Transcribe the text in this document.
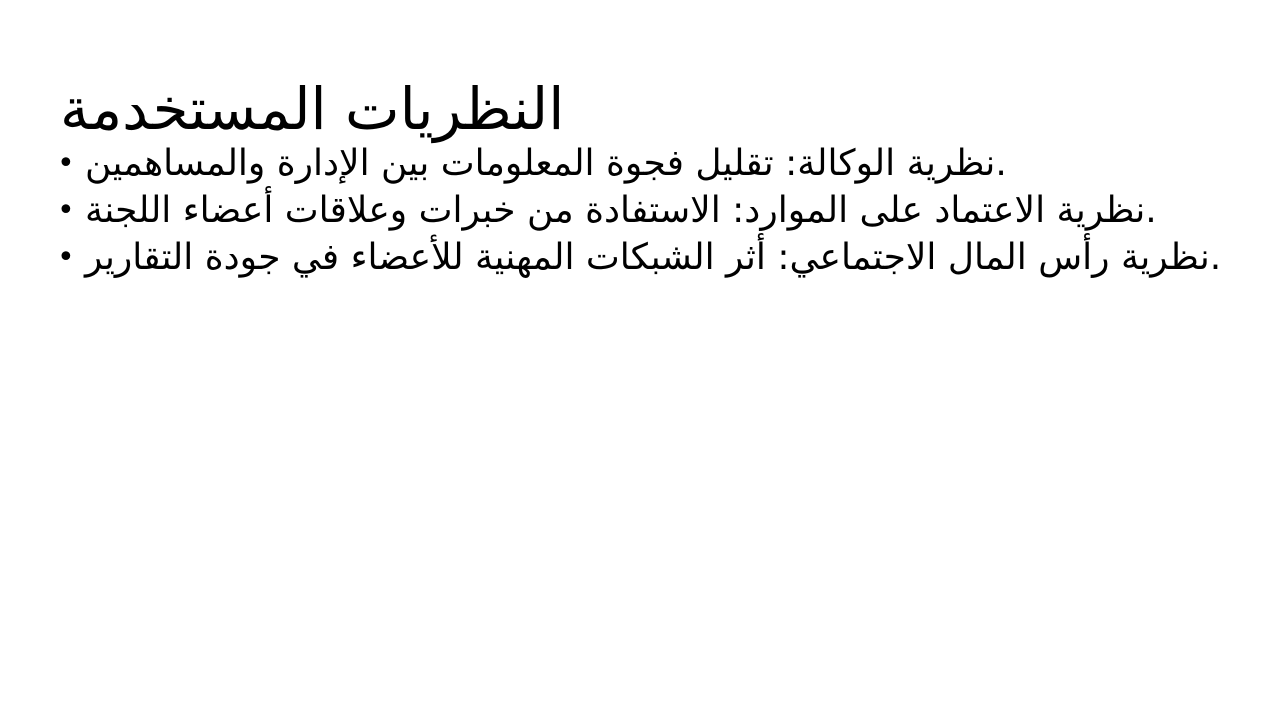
النظريات المستخدمة
• نظرية الوكالة: تقليل فجوة المعلومات بين الإدارة والمساهمين.
• نظرية الاعتماد على الموارد: الاستفادة من خبرات وعلاقات أعضاء اللجنة.
• نظرية رأس المال الاجتماعي: أثر الشبكات المهنية للأعضاء في جودة التقارير.
